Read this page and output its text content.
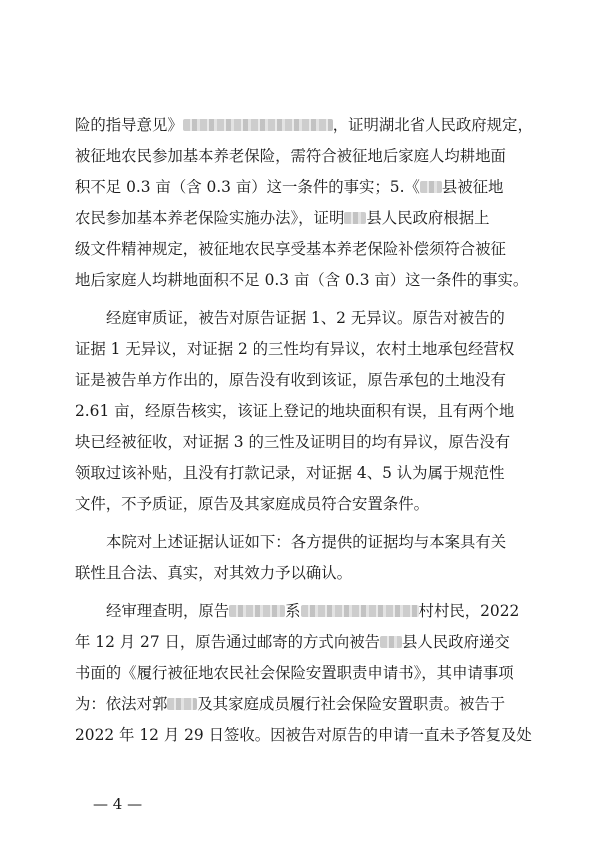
险的指导意见》	，证明湖北省人民政府规定，
被征地农民参加基本养老保险，需符合被征地后家庭人均耕地面
积不足 0.3 亩（含 0.3 亩）这一条件的事实；5.《 县被征地
农民参加基本养老保险实施办法》，证明 县人民政府根据上
级文件精神规定，被征地农民享受基本养老保险补偿须符合被征
地后家庭人均耕地面积不足 0.3 亩（含 0.3 亩）这一条件的事实。
经庭审质证，被告对原告证据 1、2 无异议。原告对被告的
证据 1 无异议，对证据 2 的三性均有异议，农村土地承包经营权
证是被告单方作出的，原告没有收到该证，原告承包的土地没有
2.61 亩，经原告核实，该证上登记的地块面积有误，且有两个地
块已经被征收，对证据 3 的三性及证明目的均有异议，原告没有
领取过该补贴，且没有打款记录，对证据 4、5 认为属于规范性
文件，不予质证，原告及其家庭成员符合安置条件。
本院对上述证据认证如下：各方提供的证据均与本案具有关
联性且合法、真实，对其效力予以确认。
经审理查明，原告	系	村村民，2022
年 12 月 27 日，原告通过邮寄的方式向被告 县人民政府递交
书面的《履行被征地农民社会保险安置职责申请书》，其申请事项
为：依法对郭 及其家庭成员履行社会保险安置职责。被告于
2022 年 12 月 29 日签收。因被告对原告的申请一直未予答复及处
— 4 —
